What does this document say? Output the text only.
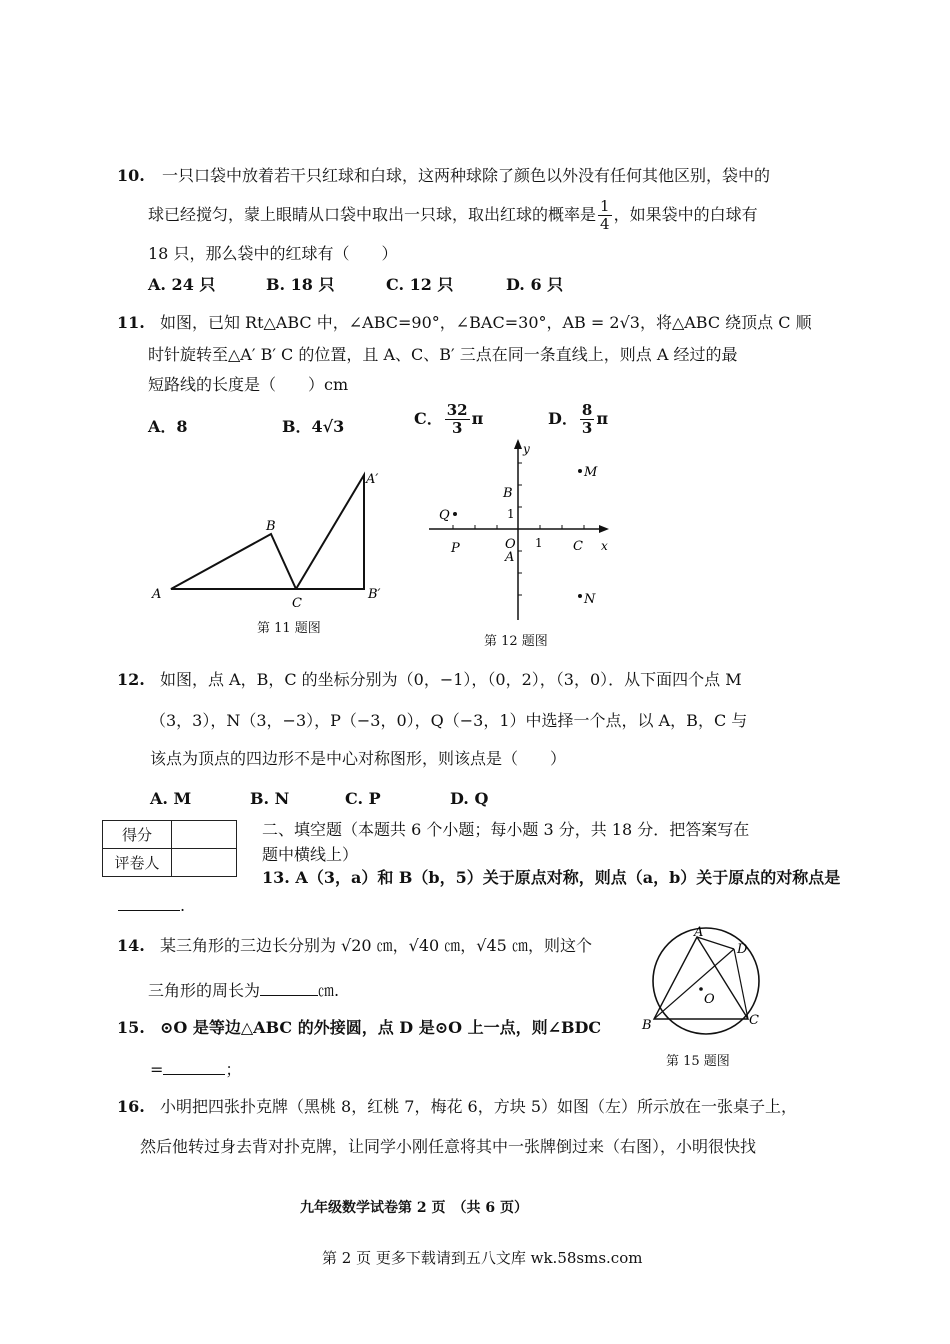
10. 一只口袋中放着若干只红球和白球，这两种球除了颜色以外没有任何其他区别，袋中的
球已经搅匀，蒙上眼睛从口袋中取出一只球，取出红球的概率是 $\frac{1}{4}$ ，如果袋中的白球有
18 只，那么袋中的红球有（　　）
A. 24 只	B. 18 只	C. 12 只	D. 6 只
11. 如图，已知 Rt△ABC 中，∠ABC=90°，∠BAC=30°，AB = 2√3，将△ABC 绕顶点 C 顺
时针旋转至△A′ B′ C 的位置，且 A、C、B′ 三点在同一条直线上，则点 A 经过的最
短路线的长度是（　　）cm
A．8	B．4√3	C． $\frac{32}{3}$ π	D． $\frac{8}{3}$ π
A
B
C
A′
B′
第 11 题图
y
x
M
B
1
Q
P	O 1 C
A
N
第 12 题图
12. 如图，点 A，B，C 的坐标分别为（0，−1），（0，2），（3，0）．从下面四个点 M
（3，3），N（3，−3），P（−3，0），Q（−3，1）中选择一个点，以 A，B，C 与
该点为顶点的四边形不是中心对称图形，则该点是（　　）
A. M	B. N	C. P	D. Q
得分	
评卷人	
二、填空题（本题共 6 个小题；每小题 3 分，共 18 分．把答案写在
题中横线上）
13. A（3，a）和 B（b，5）关于原点对称，则点（a，b）关于原点的对称点是
.
14. 某三角形的三边长分别为 √20 ㎝，√40 ㎝，√45 ㎝，则这个
三角形的周长为	㎝.
15. ⊙O 是等边△ABC 的外接圆，点 D 是⊙O 上一点，则∠BDC
=	；
A
D
O
B	C
第 15 题图
16. 小明把四张扑克牌（黑桃 8，红桃 7，梅花 6，方块 5）如图（左）所示放在一张桌子上，
然后他转过身去背对扑克牌，让同学小刚任意将其中一张牌倒过来（右图），小明很快找
九年级数学试卷第 2 页　（共 6 页）
第 2 页 更多下载请到五八文库 wk.58sms.com
